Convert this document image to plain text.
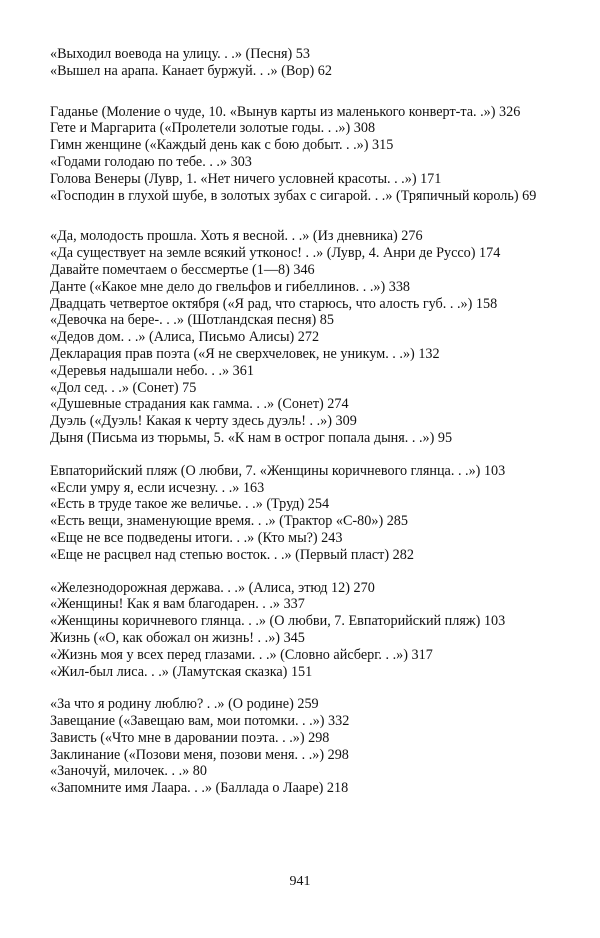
«Выходил воевода на улицу. . .» (Песня) 53
«Вышел на арапа. Канает буржуй. . .» (Вор) 62
Гаданье (Моление о чуде, 10. «Вынув карты из маленького конверт-та. .») 326
Гете и Маргарита («Пролетели золотые годы. . .») 308
Гимн женщине («Каждый день как с бою добыт. . .») 315
«Годами голодаю по тебе. . .» 303
Голова Венеры (Лувр, 1. «Нет ничего условней красоты. . .») 171
«Господин в глухой шубе, в золотых зубах с сигарой. . .» (Тряпичный король) 69
«Да, молодость прошла. Хоть я весной. . .» (Из дневника) 276
«Да существует на земле всякий утконос! . .» (Лувр, 4. Анри де Руссо) 174
Давайте помечтаем о бессмертье (1—8) 346
Данте («Какое мне дело до гвельфов и гибеллинов. . .») 338
Двадцать четвертое октября («Я рад, что старюсь, что алость губ. . .») 158
«Девочка на бере-. . .» (Шотландская песня) 85
«Дедов дом. . .» (Алиса, Письмо Алисы) 272
Декларация прав поэта («Я не сверхчеловек, не уникум. . .») 132
«Деревья надышали небо. . .» 361
«Дол сед. . .» (Сонет) 75
«Душевные страдания как гамма. . .» (Сонет) 274
Дуэль («Дуэль! Какая к черту здесь дуэль! . .») 309
Дыня (Письма из тюрьмы, 5. «К нам в острог попала дыня. . .») 95
Евпаторийский пляж (О любви, 7. «Женщины коричневого глянца. . .») 103
«Если умру я, если исчезну. . .» 163
«Есть в труде такое же величье. . .» (Труд) 254
«Есть вещи, знаменующие время. . .» (Трактор «С-80») 285
«Еще не все подведены итоги. . .» (Кто мы?) 243
«Еще не расцвел над степью восток. . .» (Первый пласт) 282
«Железнодорожная держава. . .» (Алиса, этюд 12) 270
«Женщины! Как я вам благодарен. . .» 337
«Женщины коричневого глянца. . .» (О любви, 7. Евпаторийский пляж) 103
Жизнь («О, как обожал он жизнь! . .») 345
«Жизнь моя у всех перед глазами. . .» (Словно айсберг. . .») 317
«Жил-был лиса. . .» (Ламутская сказка) 151
«За что я родину люблю? . .» (О родине) 259
Завещание («Завещаю вам, мои потомки. . .») 332
Зависть («Что мне в даровании поэта. . .») 298
Заклинание («Позови меня, позови меня. . .») 298
«Заночуй, милочек. . .» 80
«Запомните имя Лаара. . .» (Баллада о Лааре) 218
941
